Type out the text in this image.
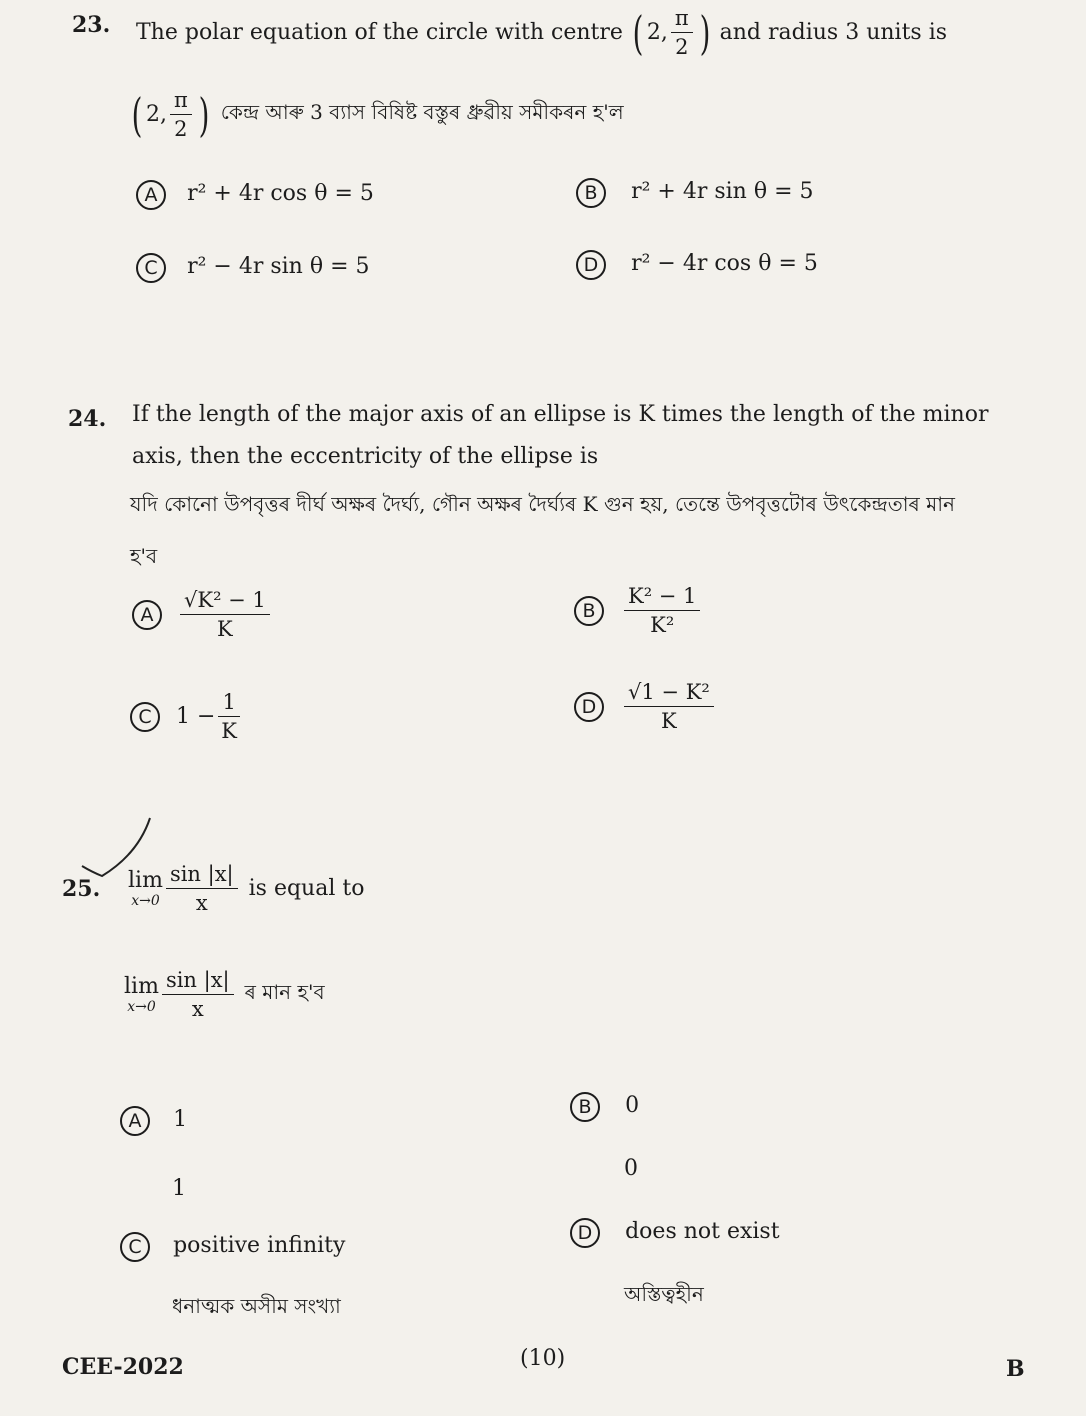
23. The polar equation of the circle with centre ( 2, $\frac{\pi}{2}$ ) and radius 3 units is
( 2, $\frac{\pi}{2}$ ) কেন্দ্ৰ আৰু 3 ব্যাস বিষিষ্ট বস্তুৰ ধ্ৰুৱীয় সমীকৰন হ'ল
A r² + 4r cos θ = 5	B r² + 4r sin θ = 5
C r² − 4r sin θ = 5	D r² − 4r cos θ = 5
24. If the length of the major axis of an ellipse is K times the length of the minor
axis, then the eccentricity of the ellipse is
যদি কোনো উপবৃত্তৰ দীৰ্ঘ অক্ষৰ দৈৰ্ঘ্য, গৌন অক্ষৰ দৈৰ্ঘ্যৰ K গুন হয়, তেন্তে উপবৃত্তটোৰ উৎকেন্দ্ৰতাৰ মান
হ'ব
A	$\frac{\text{√K² − 1}}{K}$	B	$\frac{\text{K² − 1}}{\text{K²}}$
C	$1 - \frac{1}{K}$	D	$\frac{\text{√1 − K²}}{K}$
25. lim
$x\to 0 \frac{\sin |x|}{x}$ is equal to
lim
$x\to 0 \frac{\sin |x|}{x}$ ৰ মান হ'ব
A 1
1
B 0
0
C positive infinity
ধনাত্মক অসীম সংখ্যা
D does not exist
অস্তিত্বহীন
CEE-2022	(10)	B
